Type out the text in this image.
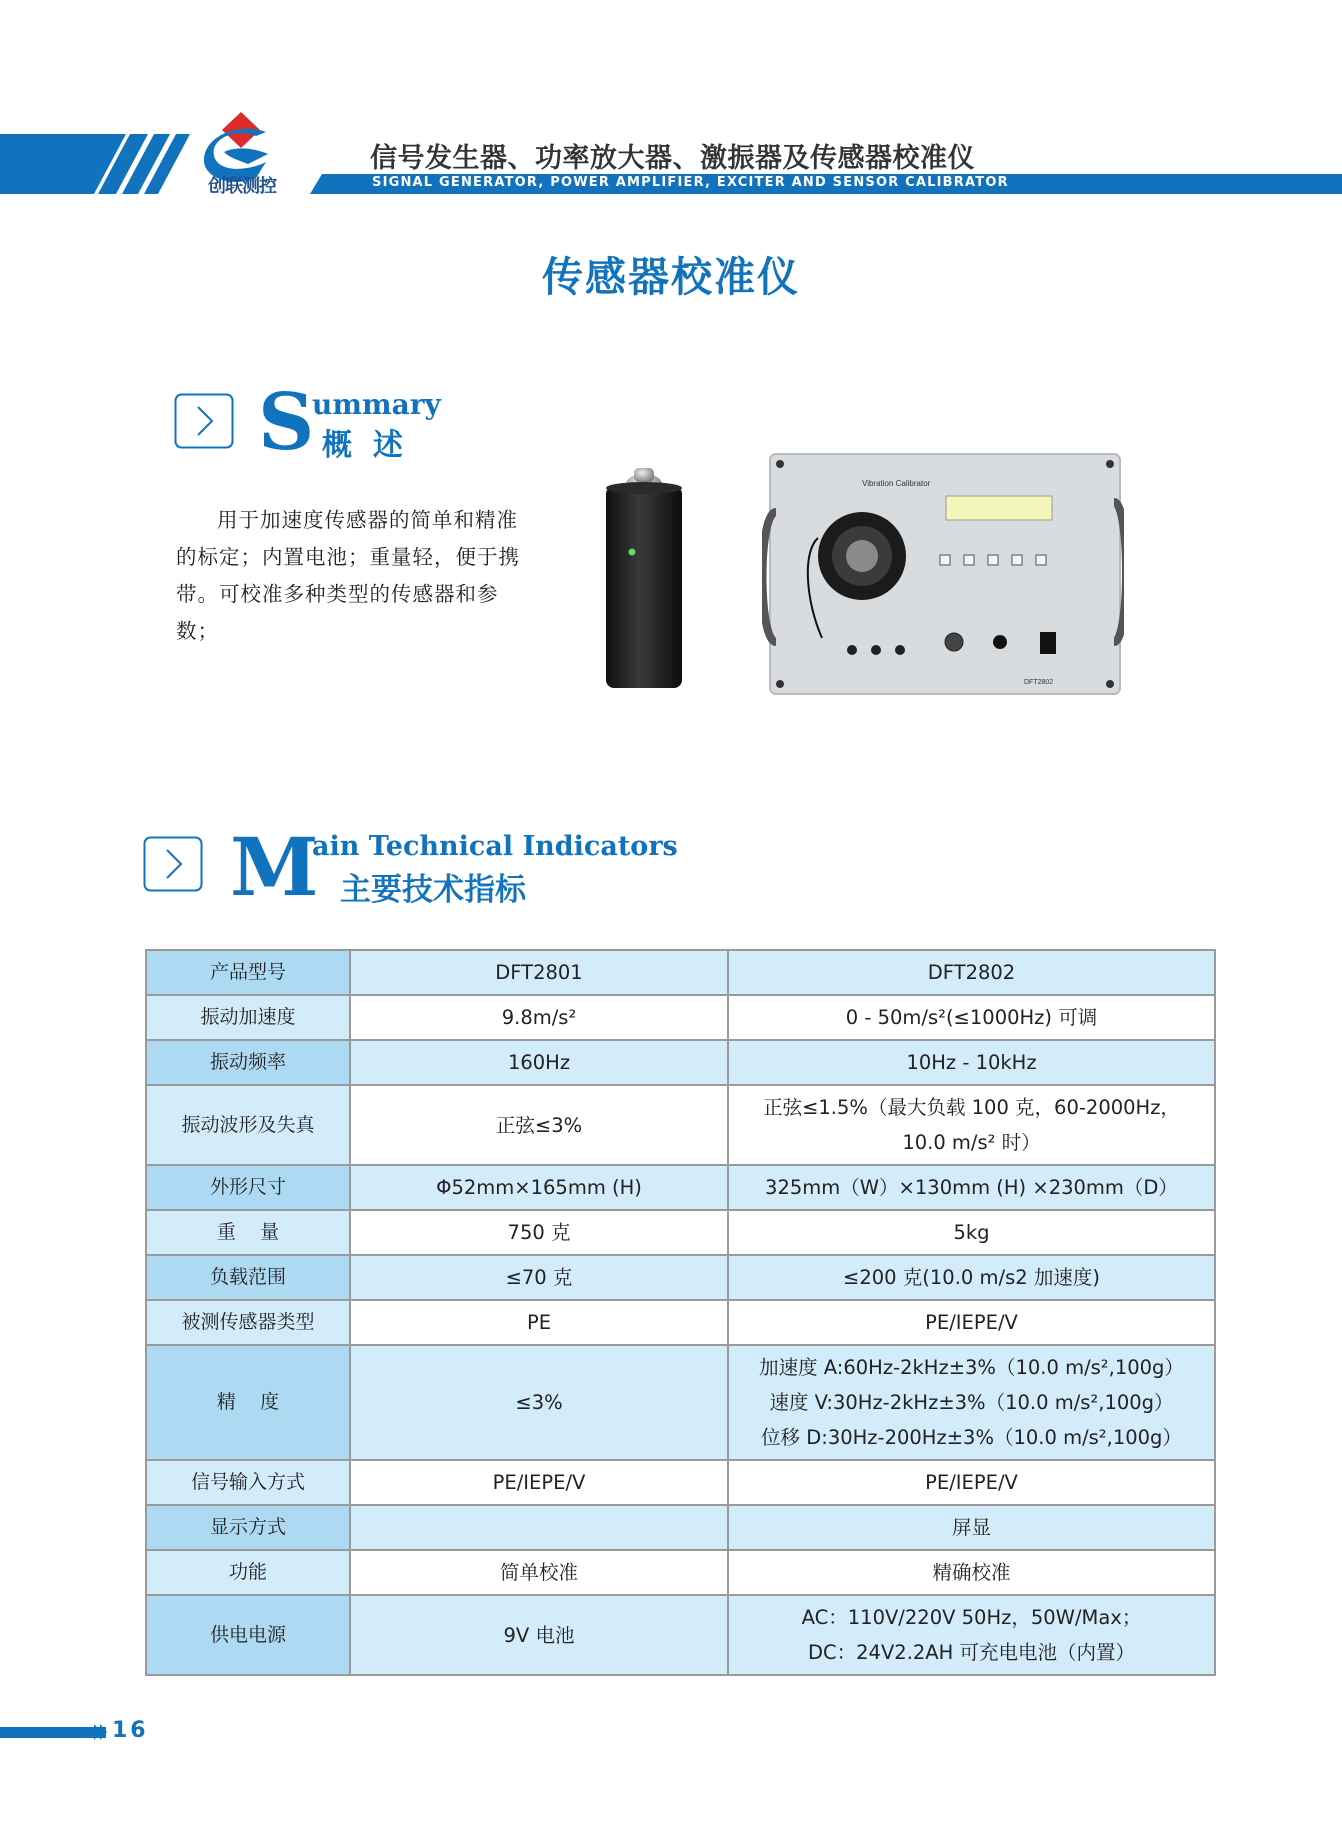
创联测控
信号发生器、功率放大器、激振器及传感器校准仪
SIGNAL GENERATOR, POWER AMPLIFIER, EXCITER AND SENSOR CALIBRATOR
传感器校准仪
S
ummary
概  述
用于加速度传感器的简单和精准的标定；内置电池；重量轻，便于携带。可校准多种类型的传感器和参数；
Vibration Calibrator
DFT2802
M
ain Technical Indicators
主要技术指标
产品型号	DFT2801	DFT2802
振动加速度	9.8m/s²	0 - 50m/s²(≤1000Hz) 可调

振动频率	160Hz	10Hz - 10kHz

振动波形及失真	正弦≤3%	正弦≤1.5%（最大负载 100 克，60-2000Hz，
10.0 m/s² 时）

外形尺寸	Φ52mm×165mm (H)	325mm（W）×130mm (H) ×230mm（D）

重    量	750 克	5kg

负载范围	≤70 克	≤200 克(10.0 m/s2 加速度)

被测传感器类型	PE	PE/IEPE/V

精    度	≤3%	加速度 A:60Hz-2kHz±3%（10.0 m/s²,100g）
速度 V:30Hz-2kHz±3%（10.0 m/s²,100g）
位移 D:30Hz-200Hz±3%（10.0 m/s²,100g）

信号输入方式	PE/IEPE/V	PE/IEPE/V

显示方式		屏显

功能	简单校准	精确校准

供电电源	9V 电池	AC：110V/220V 50Hz，50W/Max；
DC：24V2.2AH 可充电电池（内置）
16
